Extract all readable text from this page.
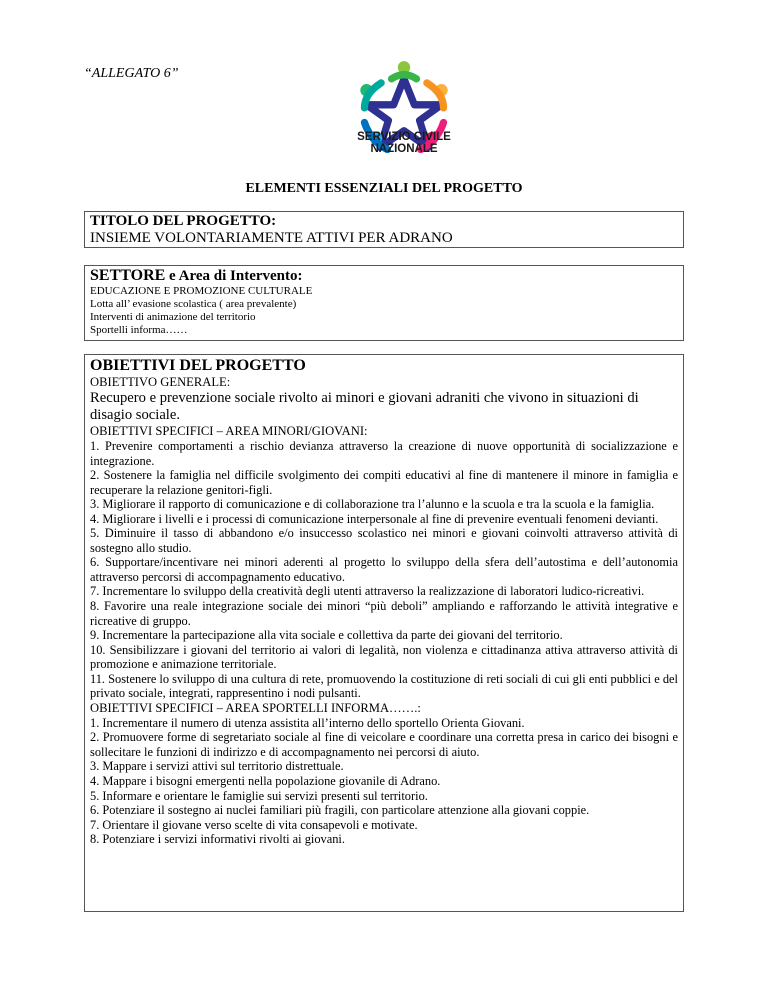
“ALLEGATO 6”
SERVIZIO CIVILE
NAZIONALE
ELEMENTI ESSENZIALI DEL PROGETTO
TITOLO DEL PROGETTO:
INSIEME VOLONTARIAMENTE ATTIVI PER ADRANO
SETTORE e Area di Intervento:
EDUCAZIONE E PROMOZIONE CULTURALE
Lotta all’ evasione scolastica ( area prevalente)
Interventi di animazione del territorio
Sportelli informa……
OBIETTIVI DEL PROGETTO
OBIETTIVO GENERALE:
Recupero e prevenzione sociale rivolto ai minori e giovani adraniti che vivono in situazioni di disagio sociale.
OBIETTIVI SPECIFICI – AREA MINORI/GIOVANI:
1. Prevenire comportamenti a rischio devianza attraverso la creazione di nuove opportunità di socializzazione e integrazione.
2. Sostenere la famiglia nel difficile svolgimento dei compiti educativi al fine di mantenere il minore in famiglia e recuperare la relazione genitori-figli.
3. Migliorare il rapporto di comunicazione e di collaborazione tra l’alunno e la scuola e tra la scuola e la famiglia.
4. Migliorare i livelli e i processi di comunicazione interpersonale al fine di prevenire eventuali fenomeni devianti.
5. Diminuire il tasso di abbandono e/o insuccesso scolastico nei minori e giovani coinvolti attraverso attività di sostegno allo studio.
6. Supportare/incentivare nei minori aderenti al progetto lo sviluppo della sfera dell’autostima e dell’autonomia attraverso percorsi di accompagnamento educativo.
7. Incrementare lo sviluppo della creatività degli utenti attraverso la realizzazione di laboratori ludico-ricreativi.
8. Favorire una reale integrazione sociale dei minori “più deboli” ampliando e rafforzando le attività integrative e ricreative di gruppo.
9. Incrementare la partecipazione alla vita sociale e collettiva da parte dei giovani del territorio.
10. Sensibilizzare i giovani del territorio ai valori di legalità, non violenza e cittadinanza attiva attraverso attività di promozione e animazione territoriale.
11. Sostenere lo sviluppo di una cultura di rete, promuovendo la costituzione di reti sociali di cui gli enti pubblici e del privato sociale, integrati, rappresentino i nodi pulsanti.
OBIETTIVI SPECIFICI – AREA SPORTELLI INFORMA…….:
1. Incrementare il numero di utenza assistita all’interno dello sportello Orienta Giovani.
2. Promuovere forme di segretariato sociale al fine di veicolare e coordinare una corretta presa in carico dei bisogni e sollecitare le funzioni di indirizzo e di accompagnamento nei percorsi di aiuto.
3. Mappare i servizi attivi sul territorio distrettuale.
4. Mappare i bisogni emergenti nella popolazione giovanile di Adrano.
5. Informare e orientare le famiglie sui servizi presenti sul territorio.
6. Potenziare il sostegno ai nuclei familiari più fragili, con particolare attenzione alla giovani coppie.
7. Orientare il giovane verso scelte di vita consapevoli e motivate.
8. Potenziare i servizi informativi rivolti ai giovani.
